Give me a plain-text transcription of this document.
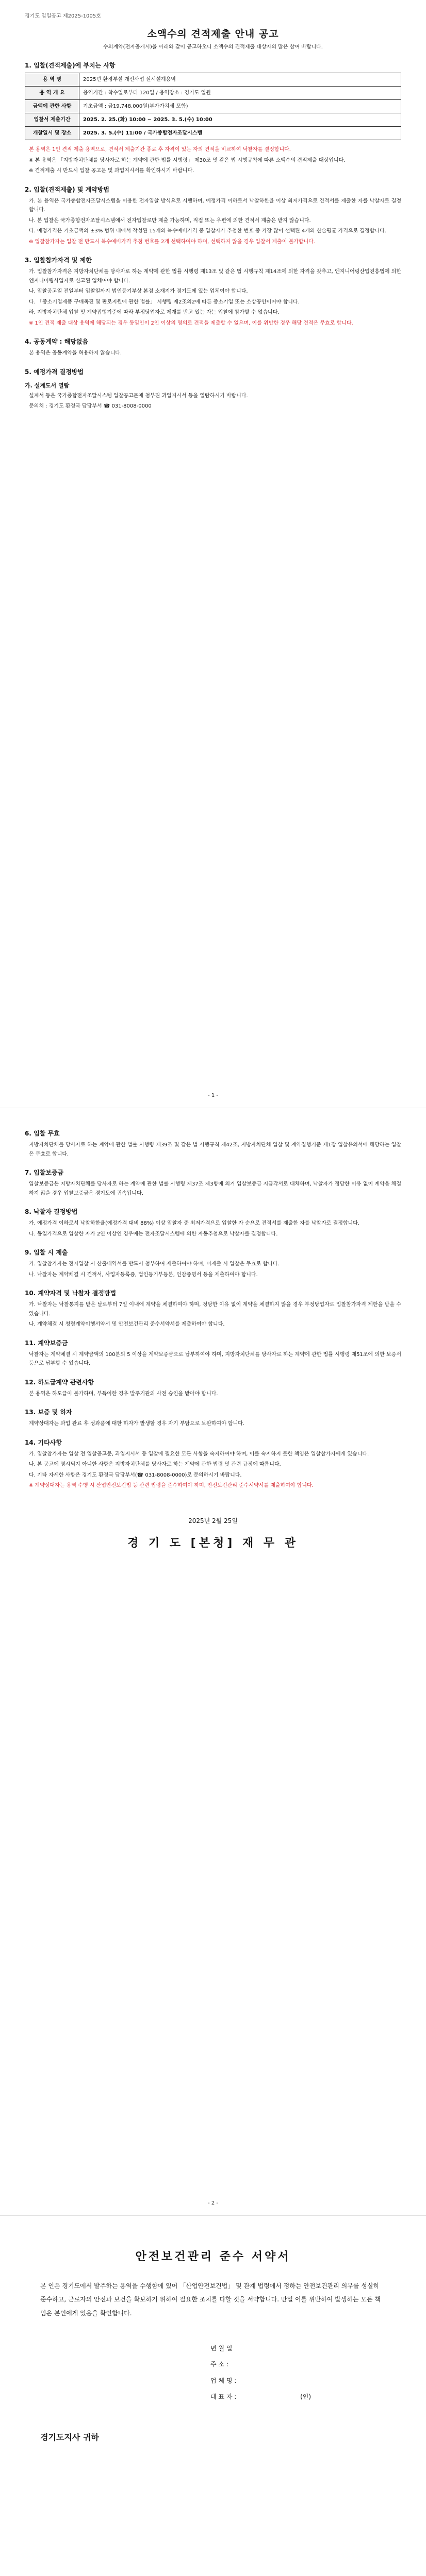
경기도 일일공고 제2025-1005호
소액수의 견적제출 안내 공고

수의계약(전자공개시)을 아래와 같이 공고하오니 소액수의 견적제출 대상자의 많은 참여 바랍니다.

1. 입찰(견적제출)에 부치는 사항
용 역 명	2025년 환경부설 개선사업 실시설계용역
용 역 개 요	용역기간 : 착수일로부터 120일 / 용역장소 : 경기도 일원
금액에 관한 사항	기초금액 : 금19,748,000원(부가가치세 포함)
입찰서 제출기간	2025. 2. 25.(화) 10:00 ~ 2025. 3. 5.(수) 10:00
개찰일시 및 장소	2025. 3. 5.(수) 11:00 / 국가종합전자조달시스템

본 용역은 1인 견적 제출 용역으로, 견적서 제출기간 종료 후 자격이 있는 자의 견적을 비교하여 낙찰자를 결정합니다.

※ 본 용역은 「지방자치단체를 당사자로 하는 계약에 관한 법률 시행령」 제30조 및 같은 법 시행규칙에 따른 소액수의 견적제출 대상입니다.

※ 견적제출 시 반드시 입찰 공고문 및 과업지시서를 확인하시기 바랍니다.

2. 입찰(견적제출) 및 계약방법

가. 본 용역은 국가종합전자조달시스템을 이용한 전자입찰 방식으로 시행하며, 예정가격 이하로서 낙찰하한율 이상 최저가격으로 견적서를 제출한 자를 낙찰자로 결정합니다.

나. 본 입찰은 국가종합전자조달시스템에서 전자입찰로만 제출 가능하며, 직접 또는 우편에 의한 견적서 제출은 받지 않습니다.

다. 예정가격은 기초금액의 ±3% 범위 내에서 작성된 15개의 복수예비가격 중 입찰자가 추첨한 번호 중 가장 많이 선택된 4개의 산술평균 가격으로 결정합니다.

※ 입찰참가자는 입찰 전 반드시 복수예비가격 추첨 번호를 2개 선택하여야 하며, 선택하지 않을 경우 입찰서 제출이 불가합니다.

3. 입찰참가자격 및 제한

가. 입찰참가자격은 지방자치단체를 당사자로 하는 계약에 관한 법률 시행령 제13조 및 같은 법 시행규칙 제14조에 의한 자격을 갖추고, 엔지니어링산업진흥법에 의한 엔지니어링사업자로 신고된 업체여야 합니다.

나. 입찰공고일 전일부터 입찰일까지 법인등기부상 본점 소재지가 경기도에 있는 업체여야 합니다.

다. 「중소기업제품 구매촉진 및 판로지원에 관한 법률」 시행령 제2조의2에 따른 중소기업 또는 소상공인이어야 합니다.

라. 지방자치단체 입찰 및 계약집행기준에 따라 부정당업자로 제재를 받고 있는 자는 입찰에 참가할 수 없습니다.

※ 1인 견적 제출 대상 용역에 해당되는 경우 동일인이 2인 이상의 명의로 견적을 제출할 수 없으며, 이를 위반한 경우 해당 견적은 무효로 합니다.

4. 공동계약 : 해당없음

본 용역은 공동계약을 허용하지 않습니다.

5. 예정가격 결정방법
가. 설계도서 열람

설계서 등은 국가종합전자조달시스템 입찰공고문에 첨부된 과업지시서 등을 열람하시기 바랍니다.

문의처 : 경기도 환경국 담당부서 ☎ 031-8008-0000

- 1 -
6. 입찰 무효

지방자치단체를 당사자로 하는 계약에 관한 법률 시행령 제39조 및 같은 법 시행규칙 제42조, 지방자치단체 입찰 및 계약집행기준 제1장 입찰유의서에 해당하는 입찰은 무효로 합니다.

7. 입찰보증금

입찰보증금은 지방자치단체를 당사자로 하는 계약에 관한 법률 시행령 제37조 제3항에 의거 입찰보증금 지급각서로 대체하며, 낙찰자가 정당한 이유 없이 계약을 체결하지 않을 경우 입찰보증금은 경기도에 귀속됩니다.

8. 낙찰자 결정방법

가. 예정가격 이하로서 낙찰하한율(예정가격 대비 88%) 이상 입찰자 중 최저가격으로 입찰한 자 순으로 견적서를 제출한 자를 낙찰자로 결정합니다.

나. 동일가격으로 입찰한 자가 2인 이상인 경우에는 전자조달시스템에 의한 자동추첨으로 낙찰자를 결정합니다.

9. 입찰 시 제출

가. 입찰참가자는 전자입찰 시 산출내역서를 반드시 첨부하여 제출하여야 하며, 미제출 시 입찰은 무효로 합니다.

나. 낙찰자는 계약체결 시 견적서, 사업자등록증, 법인등기부등본, 인감증명서 등을 제출하여야 합니다.

10. 계약자격 및 낙찰자 결정방법

가. 낙찰자는 낙찰통지를 받은 날로부터 7일 이내에 계약을 체결하여야 하며, 정당한 이유 없이 계약을 체결하지 않을 경우 부정당업자로 입찰참가자격 제한을 받을 수 있습니다.

나. 계약체결 시 청렴계약이행서약서 및 안전보건관리 준수서약서를 제출하여야 합니다.

11. 계약보증금

낙찰자는 계약체결 시 계약금액의 100분의 5 이상을 계약보증금으로 납부하여야 하며, 지방자치단체를 당사자로 하는 계약에 관한 법률 시행령 제51조에 의한 보증서 등으로 납부할 수 있습니다.

12. 하도급계약 관련사항

본 용역은 하도급이 불가하며, 부득이한 경우 발주기관의 사전 승인을 받아야 합니다.

13. 보증 및 하자

계약상대자는 과업 완료 후 성과품에 대한 하자가 발생할 경우 자기 부담으로 보완하여야 합니다.

14. 기타사항

가. 입찰참가자는 입찰 전 입찰공고문, 과업지시서 등 입찰에 필요한 모든 사항을 숙지하여야 하며, 이를 숙지하지 못한 책임은 입찰참가자에게 있습니다.

나. 본 공고에 명시되지 아니한 사항은 지방자치단체를 당사자로 하는 계약에 관한 법령 및 관련 규정에 따릅니다.

다. 기타 자세한 사항은 경기도 환경국 담당부서(☎ 031-8008-0000)로 문의하시기 바랍니다.

※ 계약상대자는 용역 수행 시 산업안전보건법 등 관련 법령을 준수하여야 하며, 안전보건관리 준수서약서를 제출하여야 합니다.

2025년 2월 25일
경 기 도 [본청] 재 무 관
- 2 -
안전보건관리 준수 서약서

본 인은 경기도에서 발주하는 용역을 수행함에 있어 「산업안전보건법」 및 관계 법령에서 정하는 안전보건관리 의무를 성실히 준수하고, 근로자의 안전과 보건을 확보하기 위하여 필요한 조치를 다할 것을 서약합니다. 만일 이를 위반하여 발생하는 모든 책임은 본인에게 있음을 확인합니다.

년 월 일
주 소 :
업 체 명 :
대 표 자 :	(인)
경기도지사 귀하
